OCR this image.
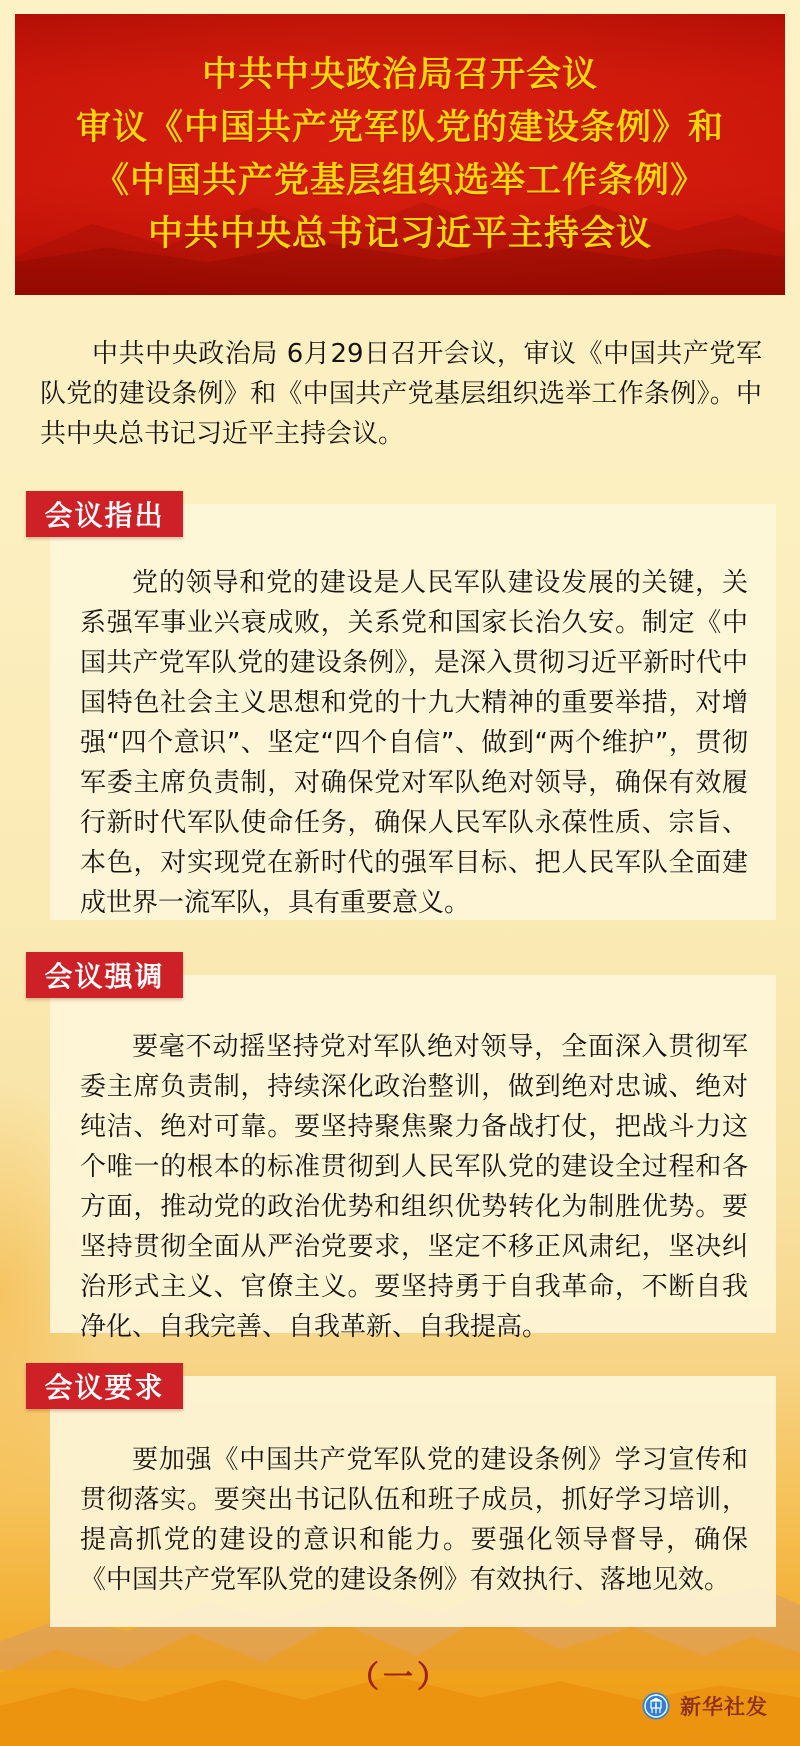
中共中央政治局召开会议
审议《中国共产党军队党的建设条例》和
《中国共产党基层组织选举工作条例》
中共中央总书记习近平主持会议

中共中央政治局 6月29日召开会议，审议《中国共产党军队党的建设条例》和《中国共产党基层组织选举工作条例》。中共中央总书记习近平主持会议。

党的领导和党的建设是人民军队建设发展的关键，关系强军事业兴衰成败，关系党和国家长治久安。制定《中国共产党军队党的建设条例》，是深入贯彻习近平新时代中国特色社会主义思想和党的十九大精神的重要举措，对增强“四个意识”、坚定“四个自信”、做到“两个维护”，贯彻军委主席负责制，对确保党对军队绝对领导，确保有效履行新时代军队使命任务，确保人民军队永葆性质、宗旨、本色，对实现党在新时代的强军目标、把人民军队全面建成世界一流军队，具有重要意义。

会议指出

要毫不动摇坚持党对军队绝对领导，全面深入贯彻军委主席负责制，持续深化政治整训，做到绝对忠诚、绝对纯洁、绝对可靠。要坚持聚焦聚力备战打仗，把战斗力这个唯一的根本的标准贯彻到人民军队党的建设全过程和各方面，推动党的政治优势和组织优势转化为制胜优势。要坚持贯彻全面从严治党要求，坚定不移正风肃纪，坚决纠治形式主义、官僚主义。要坚持勇于自我革命，不断自我净化、自我完善、自我革新、自我提高。

会议强调

要加强《中国共产党军队党的建设条例》学习宣传和贯彻落实。要突出书记队伍和班子成员，抓好学习培训，提高抓党的建设的意识和能力。要强化领导督导，确保《中国共产党军队党的建设条例》有效执行、落地见效。

会议要求
（一）
新华社发
